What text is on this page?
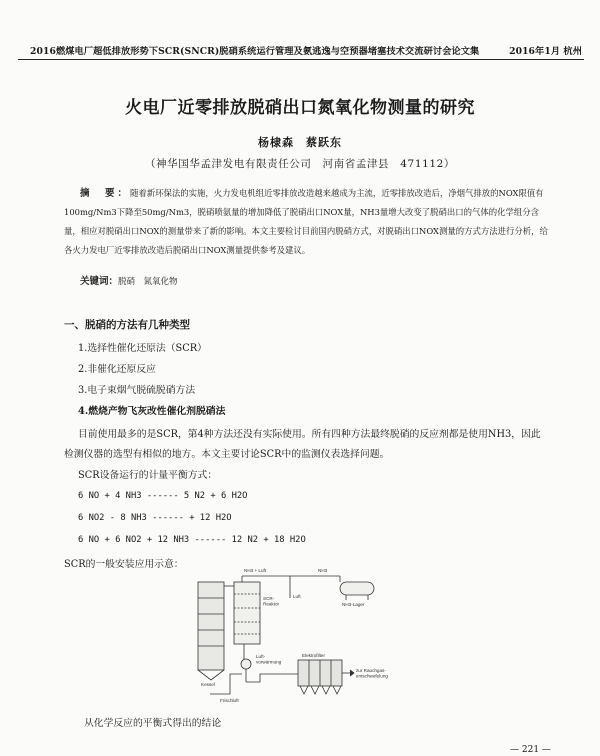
2016燃煤电厂超低排放形势下SCR(SNCR)脱硝系统运行管理及氨逃逸与空预器堵塞技术交流研讨会论文集	2016年1月 杭州
火电厂近零排放脱硝出口氮氧化物测量的研究
杨棣森　蔡跃东
（神华国华孟津发电有限责任公司　河南省孟津县　471112）
摘　要：随着新环保法的实施，火力发电机组近零排放改造越来越成为主流，近零排放改造后，净烟气排放的NOX限值有100mg/Nm3下降至50mg/Nm3，脱硝喷氨量的增加降低了脱硝出口NOX量，NH3量增大改变了脱硝出口的气体的化学组分含量，相应对脱硝出口NOX的测量带来了新的影响。本文主要检讨目前国内脱硝方式，对脱硝出口NOX测量的方式方法进行分析，给各火力发电厂近零排放改造后脱硝出口NOX测量提供参考及建议。
关键词：脱硝　氮氧化物
一、脱硝的方法有几种类型
1.选择性催化还原法（SCR）
2.非催化还原反应
3.电子束烟气脱硫脱硝方法
4.燃烧产物飞灰改性催化剂脱硝法
目前使用最多的是SCR，第4种方法还没有实际使用。所有四种方法最终脱硝的反应剂都是使用NH3，因此检测仪器的选型有相似的地方。本文主要讨论SCR中的监测仪表选择问题。
SCR设备运行的计量平衡方式：
6 NO + 4 NH3 ------ 5 N2 + 6 H2O
6 NO2 - 8 NH3 ------ + 12 H2O
6 NO + 6 NO2 + 12 NH3 ------ 12 N2 + 18 H2O
SCR的一般安装应用示意：
NH3 + Luft	NH3
Kessel
SCR-Reaktor
Luft
NH3-Lager
Luft-vorwärmung
Frischluft
Elektrofilter
zur Rauchgas-entschwefelung
从化学反应的平衡式得出的结论
— 221 —
